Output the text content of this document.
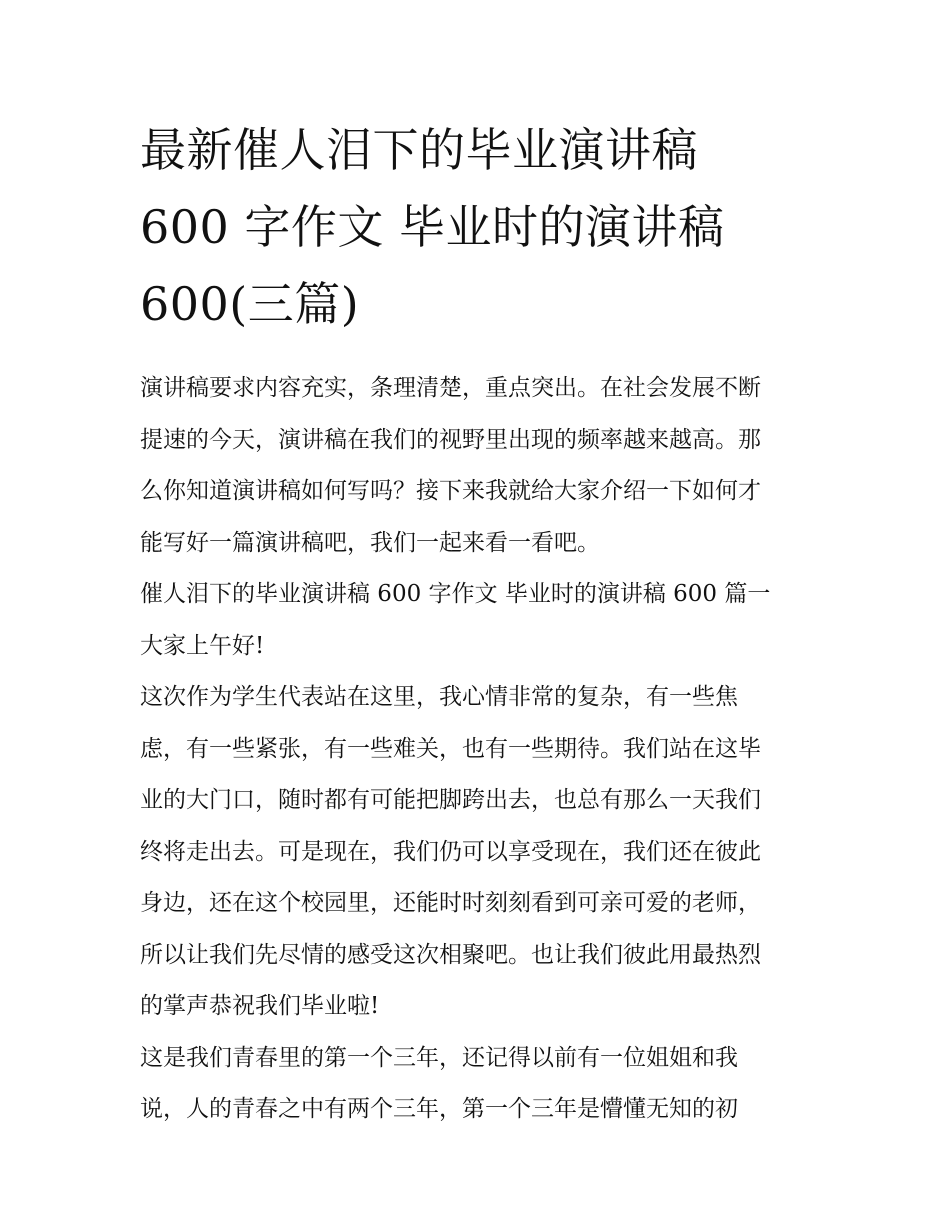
最新催人泪下的毕业演讲稿
600 字作文 毕业时的演讲稿
600(三篇)

演讲稿要求内容充实，条理清楚，重点突出。在社会发展不断
提速的今天，演讲稿在我们的视野里出现的频率越来越高。那
么你知道演讲稿如何写吗？接下来我就给大家介绍一下如何才
能写好一篇演讲稿吧，我们一起来看一看吧。

催人泪下的毕业演讲稿 600 字作文 毕业时的演讲稿 600 篇一

大家上午好!

这次作为学生代表站在这里，我心情非常的复杂，有一些焦
虑，有一些紧张，有一些难关，也有一些期待。我们站在这毕
业的大门口，随时都有可能把脚跨出去，也总有那么一天我们
终将走出去。可是现在，我们仍可以享受现在，我们还在彼此
身边，还在这个校园里，还能时时刻刻看到可亲可爱的老师，
所以让我们先尽情的感受这次相聚吧。也让我们彼此用最热烈
的掌声恭祝我们毕业啦!

这是我们青春里的第一个三年，还记得以前有一位姐姐和我
说，人的青春之中有两个三年，第一个三年是懵懂无知的初
